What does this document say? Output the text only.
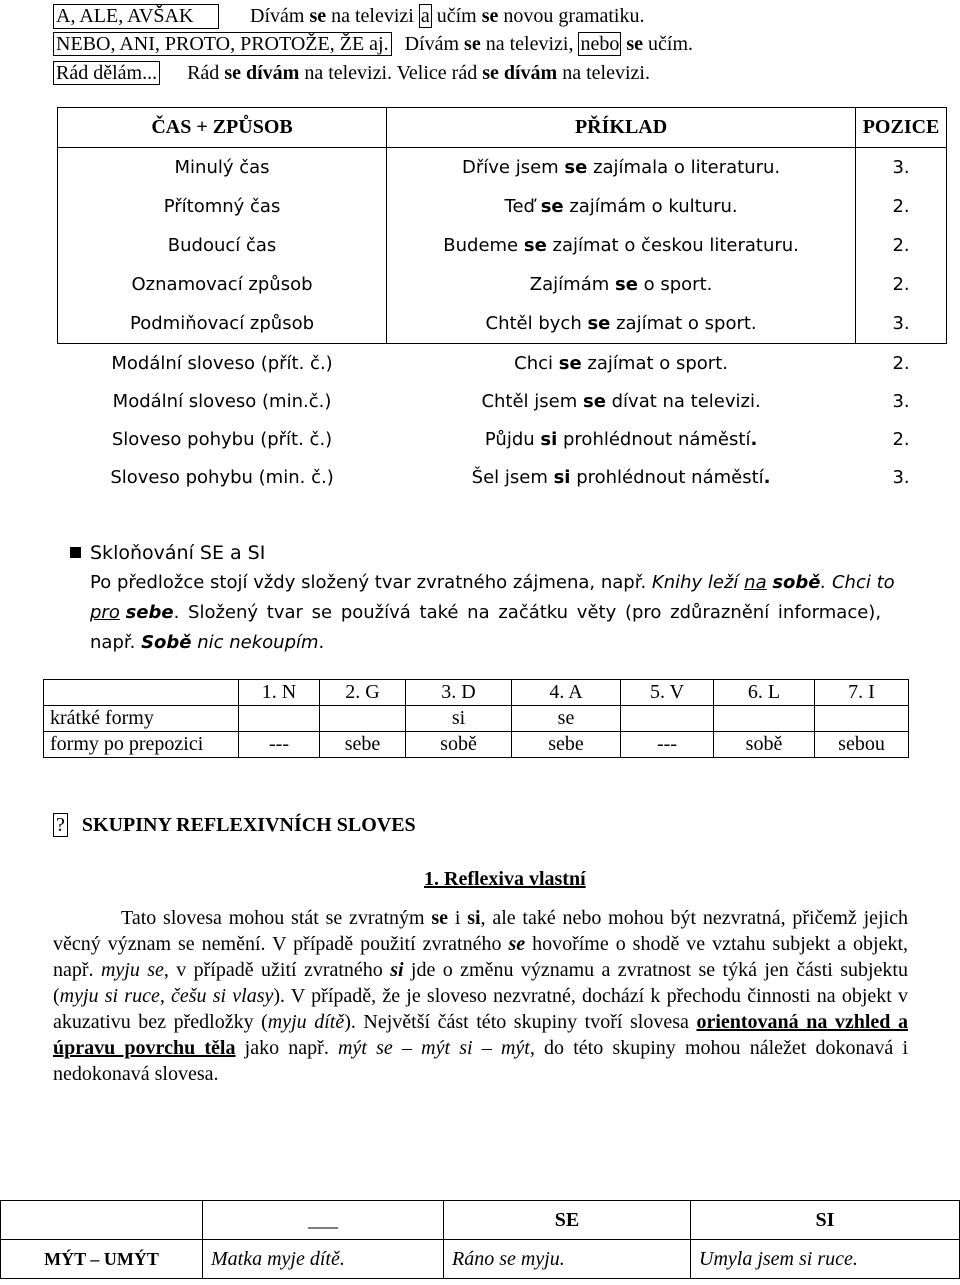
A, ALE, AVŠAK	Dívám se na televizi a učím se novou gramatiku.
NEBO, ANI, PROTO, PROTOŽE, ŽE aj. Dívám se na televizi, nebo se učím.
Rád dělám... Rád se dívám na televizi. Velice rád se dívám na televizi.
ČAS + ZPŮSOB	PŘÍKLAD	POZICE
Minulý čas	Dříve jsem se zajímala o literaturu.	3.
Přítomný čas	Teď se zajímám o kulturu.	2.
Budoucí čas	Budeme se zajímat o českou literaturu.	2.
Oznamovací způsob	Zajímám se o sport.	2.
Podmiňovací způsob	Chtěl bych se zajímat o sport.	3.
Modální sloveso (přít. č.)	Chci se zajímat o sport.	2.
Modální sloveso (min.č.)	Chtěl jsem se dívat na televizi.	3.
Sloveso pohybu (přít. č.)	Půjdu si prohlédnout náměstí.	2.
Sloveso pohybu (min. č.)	Šel jsem si prohlédnout náměstí.	3.
Skloňování SE a SI
Po předložce stojí vždy složený tvar zvratného zájmena, např. Knihy leží na sobě. Chci to
pro sebe. Složený tvar se používá také na začátku věty (pro zdůraznění informace),
např. Sobě nic nekoupím.
	1. N	2. G	3. D	4. A	5. V	6. L	7. I
krátké formy			si	se			
formy po prepozici	---	sebe	sobě	sebe	---	sobě	sebou
? SKUPINY REFLEXIVNÍCH SLOVES
1. Reflexiva vlastní

Tato slovesa mohou stát se zvratným se i si, ale také nebo mohou být nezvratná, přičemž jejich věcný význam se nemění. V případě použití zvratného se hovoříme o shodě ve vztahu subjekt a objekt, např. myju se, v případě užití zvratného si jde o změnu významu a zvratnost se týká jen části subjektu (myju si ruce, češu si vlasy). V případě, že je sloveso nezvratné, dochází k přechodu činnosti na objekt v akuzativu bez předložky (myju dítě). Největší část této skupiny tvoří slovesa orientovaná na vzhled a úpravu povrchu těla jako např. mýt se – mýt si – mýt, do této skupiny mohou náležet dokonavá i nedokonavá slovesa.

	___	SE	SI
MÝT – UMÝT	Matka myje dítě.	Ráno se myju.	Umyla jsem si ruce.
